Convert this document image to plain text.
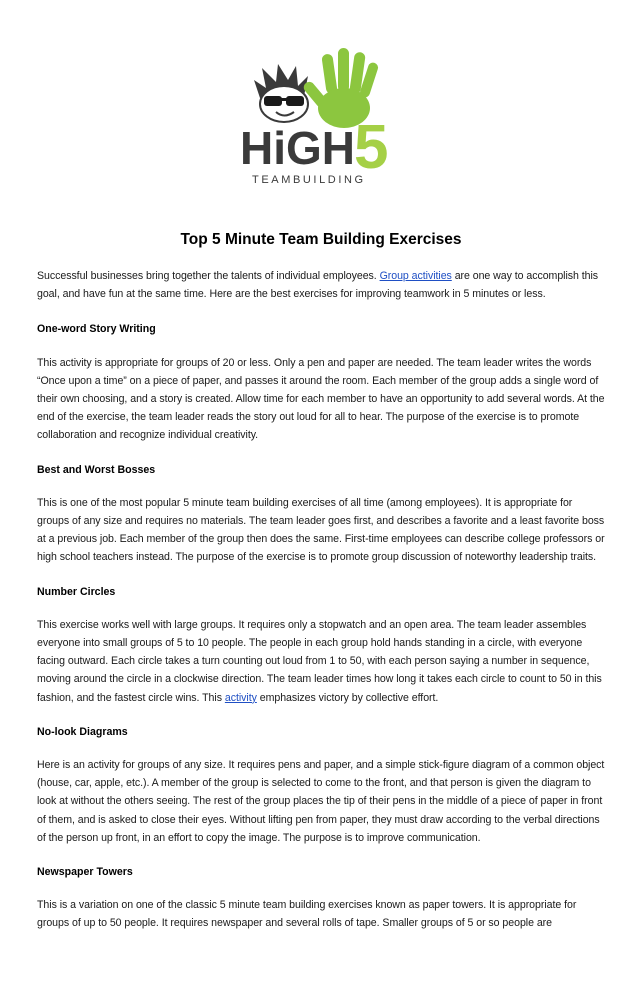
HiGH 5
TEAMBUILDING
Top 5 Minute Team Building Exercises

Successful businesses bring together the talents of individual employees. Group activities are one way to accomplish this goal, and have fun at the same time. Here are the best exercises for improving teamwork in 5 minutes or less.

One-word Story Writing

This activity is appropriate for groups of 20 or less. Only a pen and paper are needed. The team leader writes the words “Once upon a time” on a piece of paper, and passes it around the room. Each member of the group adds a single word of their own choosing, and a story is created. Allow time for each member to have an opportunity to add several words. At the end of the exercise, the team leader reads the story out loud for all to hear. The purpose of the exercise is to promote collaboration and recognize individual creativity.

Best and Worst Bosses

This is one of the most popular 5 minute team building exercises of all time (among employees). It is appropriate for groups of any size and requires no materials. The team leader goes first, and describes a favorite and a least favorite boss at a previous job. Each member of the group then does the same. First-time employees can describe college professors or high school teachers instead. The purpose of the exercise is to promote group discussion of noteworthy leadership traits.

Number Circles

This exercise works well with large groups. It requires only a stopwatch and an open area. The team leader assembles everyone into small groups of 5 to 10 people. The people in each group hold hands standing in a circle, with everyone facing outward. Each circle takes a turn counting out loud from 1 to 50, with each person saying a number in sequence, moving around the circle in a clockwise direction. The team leader times how long it takes each circle to count to 50 in this fashion, and the fastest circle wins. This activity emphasizes victory by collective effort.

No-look Diagrams

Here is an activity for groups of any size. It requires pens and paper, and a simple stick-figure diagram of a common object (house, car, apple, etc.). A member of the group is selected to come to the front, and that person is given the diagram to look at without the others seeing. The rest of the group places the tip of their pens in the middle of a piece of paper in front of them, and is asked to close their eyes. Without lifting pen from paper, they must draw according to the verbal directions of the person up front, in an effort to copy the image. The purpose is to improve communication.

Newspaper Towers

This is a variation on one of the classic 5 minute team building exercises known as paper towers. It is appropriate for groups of up to 50 people. It requires newspaper and several rolls of tape. Smaller groups of 5 or so people are
